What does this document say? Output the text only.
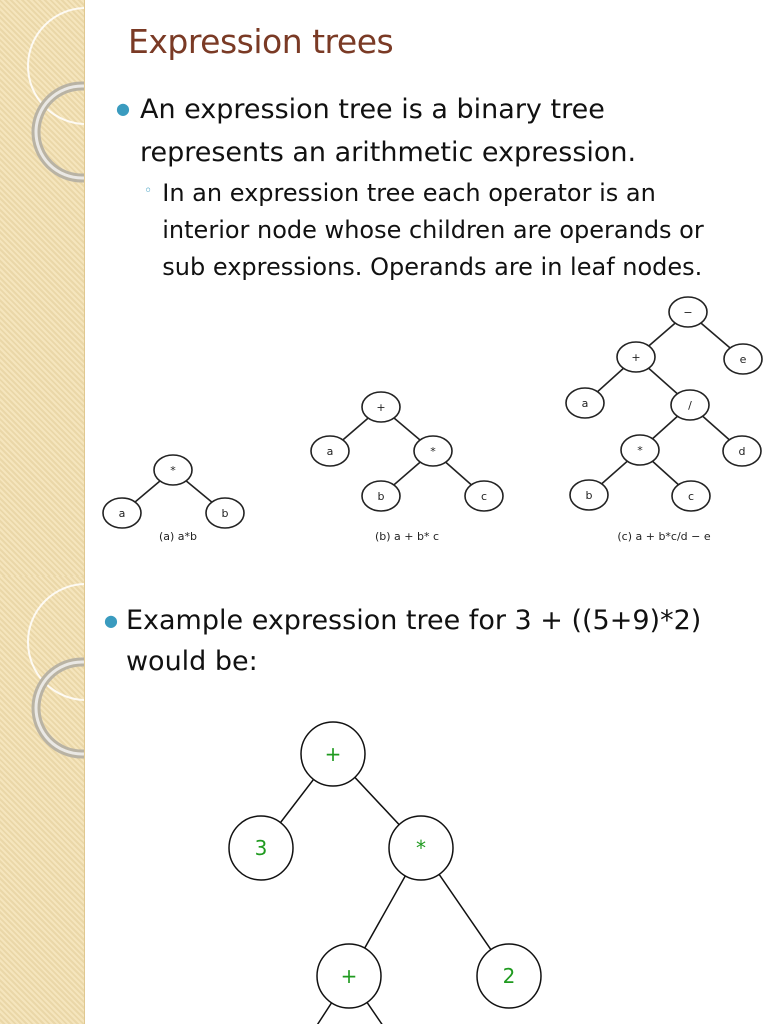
Expression trees
● An expression tree is a binary tree represents an arithmetic expression.
◦ In an expression tree each operator is an interior node whose children are operands or sub expressions. Operands are in leaf nodes.
*
a	b
+
a	*
b	c
−
+	e
a	/
*	d
b	c
(a) a*b	(b) a + b* c	(c) a + b*c/d − e
● Example expression tree for 3 + ((5+9)*2) would be:
+
3	*
+	2
